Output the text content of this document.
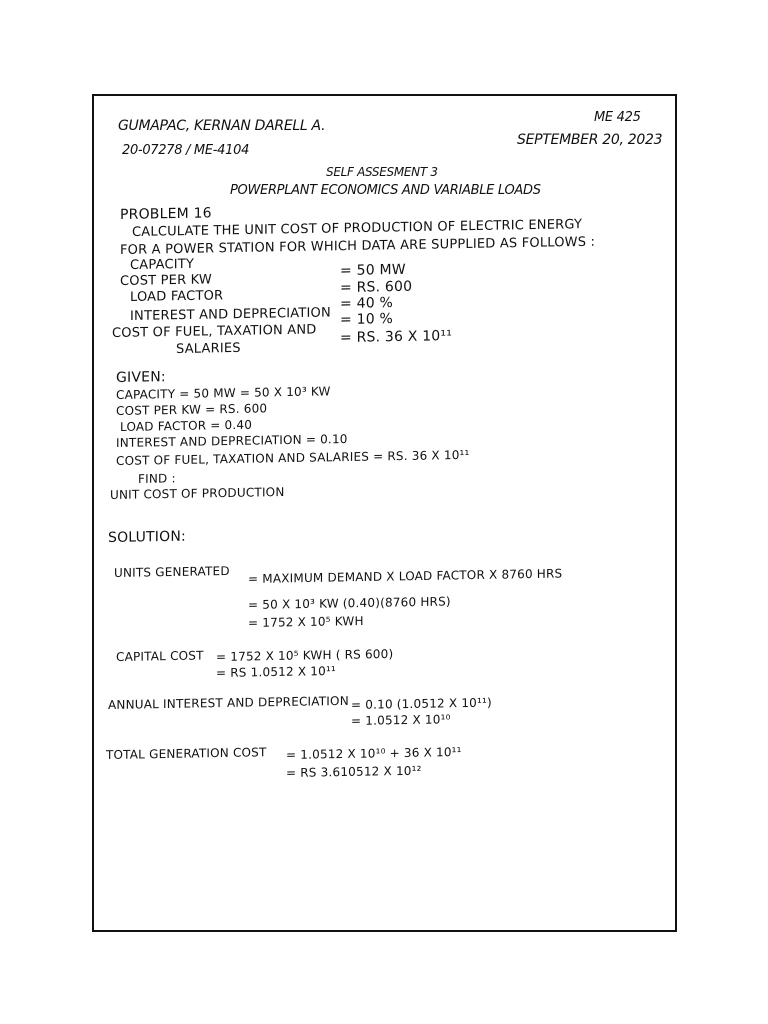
GUMAPAC, KERNAN DARELL A.
20-07278 / ME-4104
ME 425
SEPTEMBER 20, 2023
SELF ASSESMENT 3
POWERPLANT ECONOMICS AND VARIABLE LOADS
PROBLEM 16
CALCULATE THE UNIT COST OF PRODUCTION OF ELECTRIC ENERGY
FOR A POWER STATION FOR WHICH DATA ARE SUPPLIED AS FOLLOWS :
CAPACITY	= 50 MW
COST PER KW	= RS. 600
LOAD FACTOR	= 40 %
INTEREST AND DEPRECIATION = 10 %
COST OF FUEL, TAXATION AND = RS. 36 X 10¹¹
SALARIES
GIVEN:
CAPACITY = 50 MW = 50 X 10³ KW
COST PER KW = RS. 600
LOAD FACTOR = 0.40
INTEREST AND DEPRECIATION = 0.10
COST OF FUEL, TAXATION AND SALARIES = RS. 36 X 10¹¹
FIND :
UNIT COST OF PRODUCTION
SOLUTION:
UNITS GENERATED = MAXIMUM DEMAND X LOAD FACTOR X 8760 HRS
= 50 X 10³ KW (0.40)(8760 HRS)
= 1752 X 10⁵ KWH
CAPITAL COST = 1752 X 10⁵ KWH ( RS 600)
= RS 1.0512 X 10¹¹
ANNUAL INTEREST AND DEPRECIATION = 0.10 (1.0512 X 10¹¹)
= 1.0512 X 10¹⁰
TOTAL GENERATION COST = 1.0512 X 10¹⁰ + 36 X 10¹¹
= RS 3.610512 X 10¹²
